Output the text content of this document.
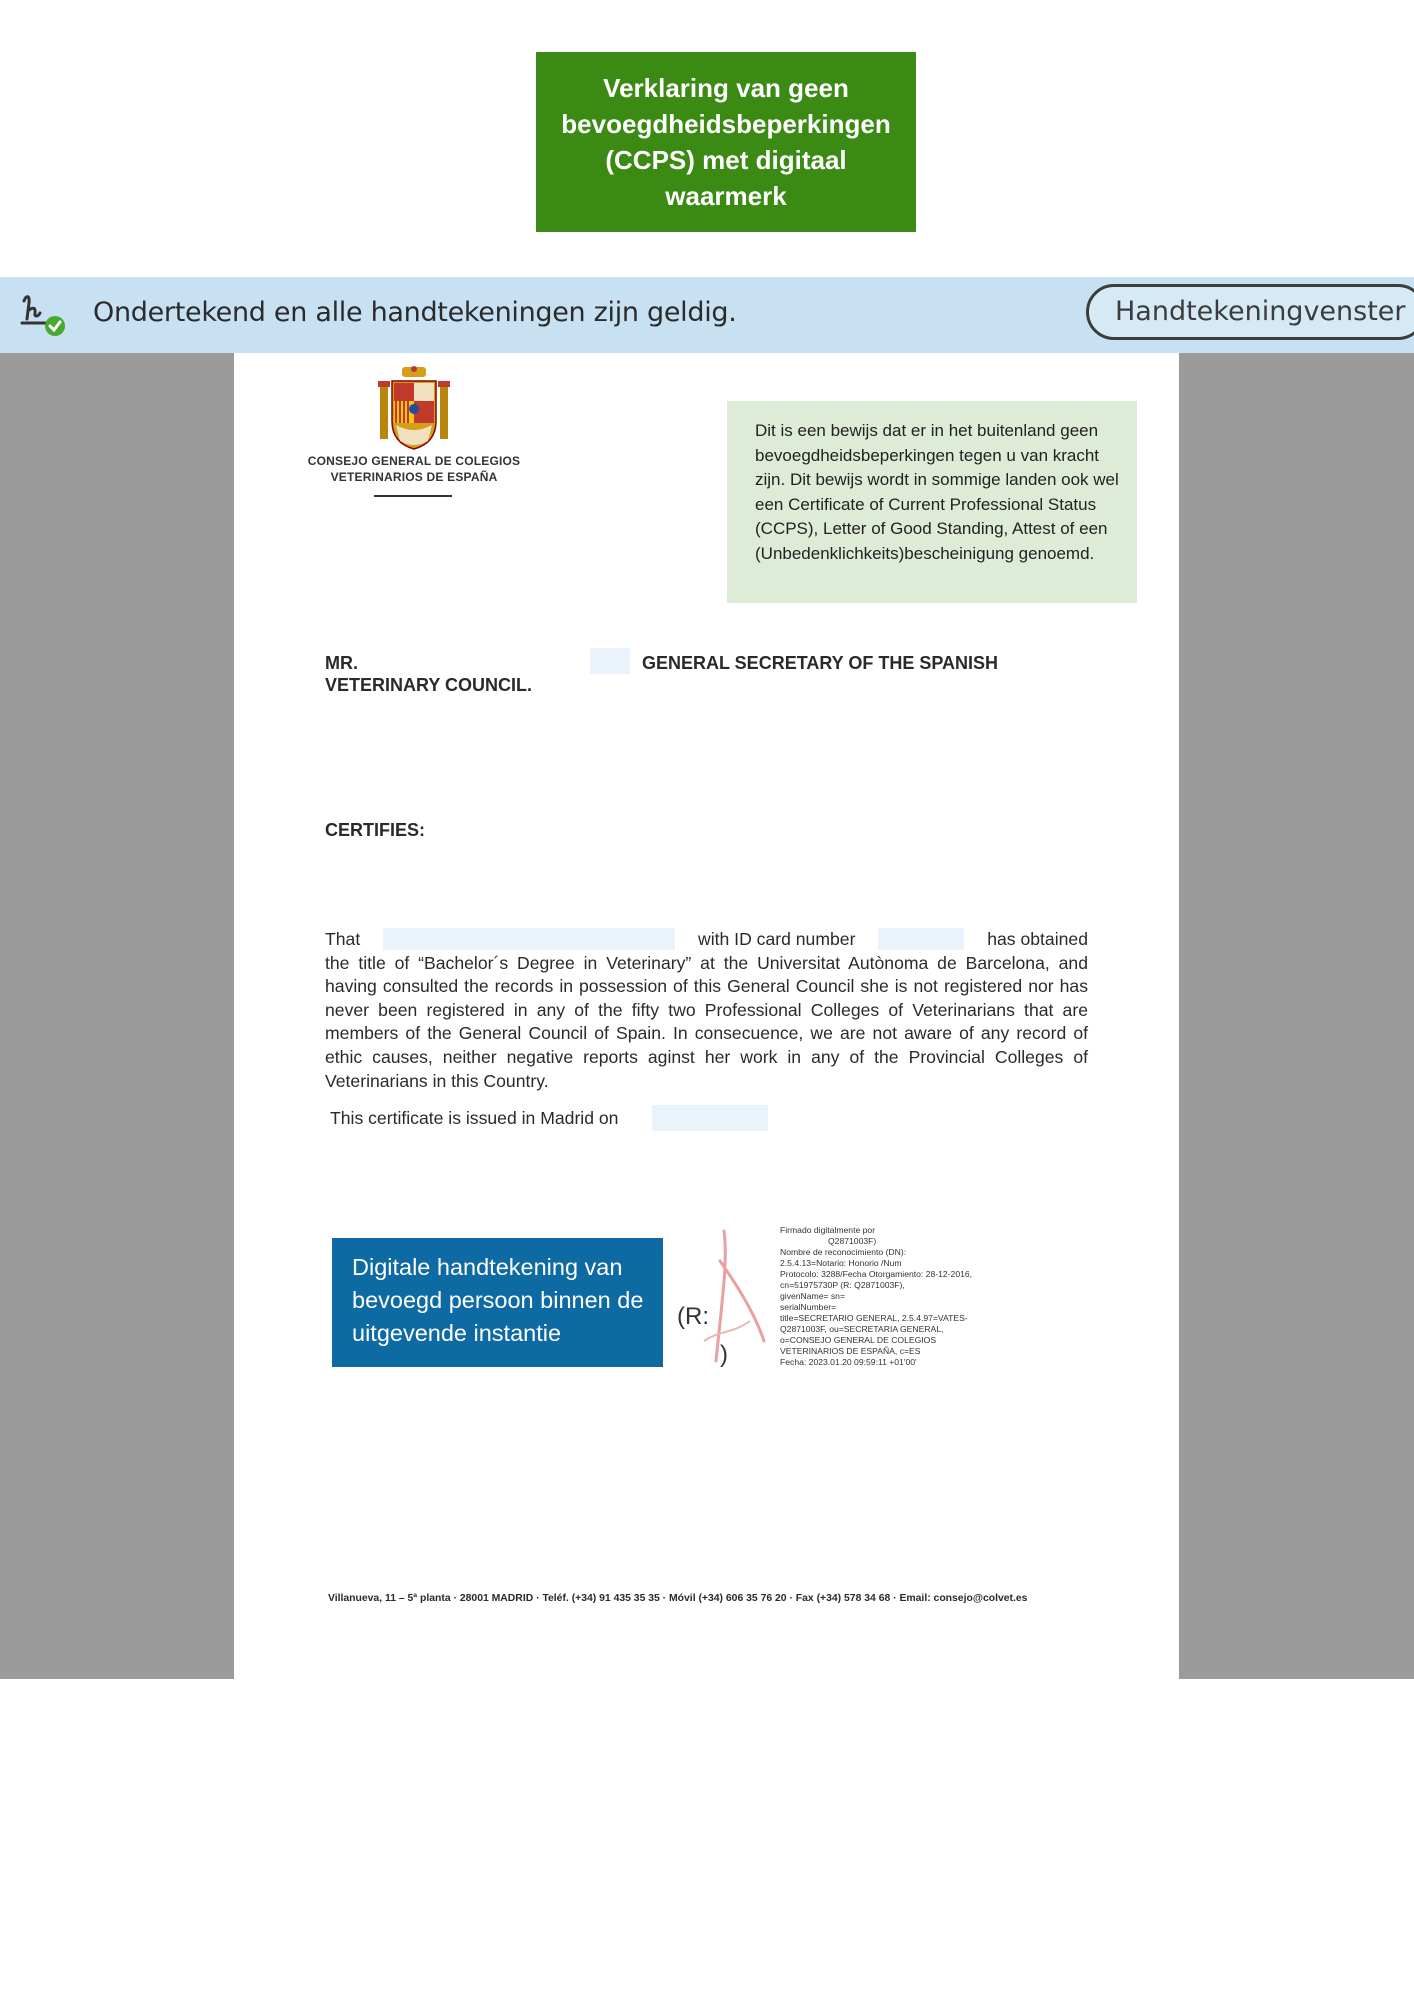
Verklaring van geen bevoegdheidsbeperkingen (CCPS) met digitaal waarmerk
Ondertekend en alle handtekeningen zijn geldig.	Handtekeningvenster
CONSEJO GENERAL DE COLEGIOS
VETERINARIOS DE ESPAÑA
Dit is een bewijs dat er in het buitenland geen bevoegdheidsbeperkingen tegen u van kracht zijn. Dit bewijs wordt in sommige landen ook wel een Certificate of Current Professional Status (CCPS), Letter of Good Standing, Attest of een (Unbedenklichkeits)bescheinigung genoemd.
MR.	GENERAL SECRETARY OF THE SPANISH
VETERINARY COUNCIL.
CERTIFIES:
That	with ID card number	has obtained
the title of “Bachelor´s Degree in Veterinary” at the Universitat Autònoma de Barcelona, and having consulted the records in possession of this General Council she is not registered nor has never been registered in any of the fifty two Professional Colleges of Veterinarians that are members of the General Council of Spain. In consecuence, we are not aware of any record of ethic causes, neither negative reports aginst her work in any of the Provincial Colleges of Veterinarians in this Country.
This certificate is issued in Madrid on
Digitale handtekening van bevoegd persoon binnen de uitgevende instantie
(R:
)
Firmado digitalmente por
Q2871003F)
Nombre de reconocimiento (DN):
2.5.4.13=Notario: Honorio /Num
Protocolo: 3288/Fecha Otorgamiento: 28-12-2016,
cn=51975730P (R: Q2871003F),
givenName= sn=
serialNumber=
title=SECRETARIO GENERAL, 2.5.4.97=VATES-
Q2871003F, ou=SECRETARIA GENERAL,
o=CONSEJO GENERAL DE COLEGIOS
VETERINARIOS DE ESPAÑA, c=ES
Fecha: 2023.01.20 09:59:11 +01'00'
Villanueva, 11 – 5ª planta · 28001 MADRID · Teléf. (+34) 91 435 35 35 · Móvil (+34) 606 35 76 20 · Fax (+34) 578 34 68 · Email: consejo@colvet.es
